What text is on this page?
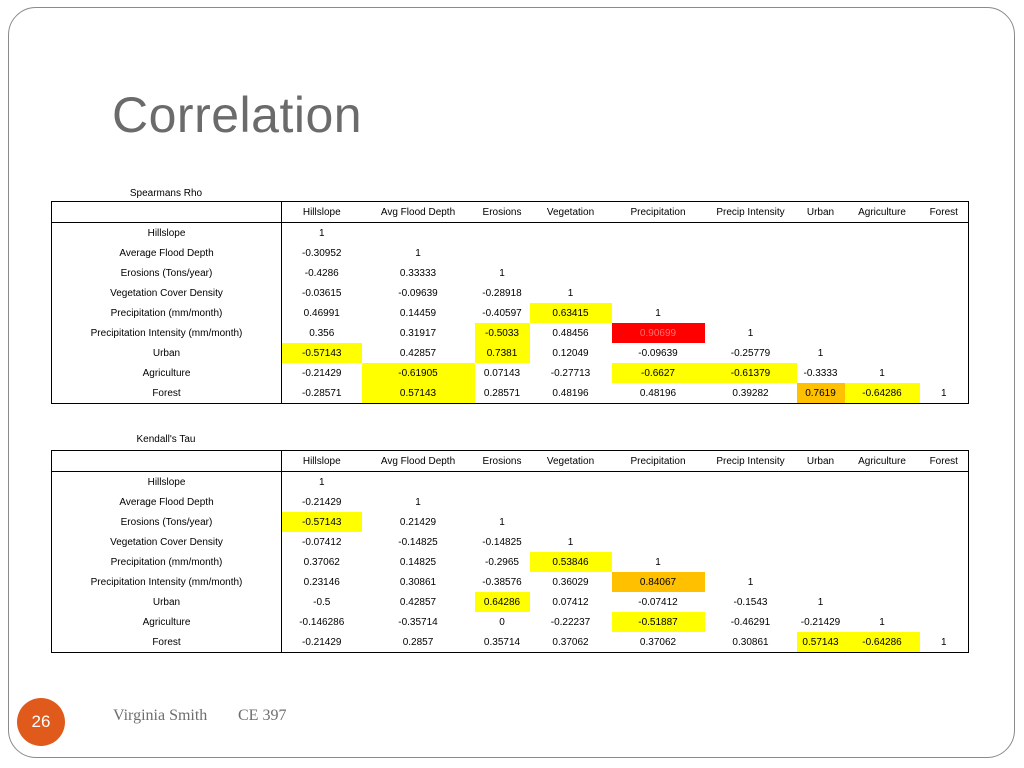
Correlation
Spearmans Rho
	Hillslope	Avg Flood Depth	Erosions	Vegetation	Precipitation	Precip Intensity	Urban	Agriculture	Forest
Hillslope	1								
Average Flood Depth	-0.30952	1							
Erosions (Tons/year)	-0.4286	0.33333	1						
Vegetation Cover Density	-0.03615	-0.09639	-0.28918	1					
Precipitation (mm/month)	0.46991	0.14459	-0.40597	0.63415	1				
Precipitation Intensity (mm/month)	0.356	0.31917	-0.5033	0.48456	0.90699	1			
Urban	-0.57143	0.42857	0.7381	0.12049	-0.09639	-0.25779	1		
Agriculture	-0.21429	-0.61905	0.07143	-0.27713	-0.6627	-0.61379	-0.3333	1	
Forest	-0.28571	0.57143	0.28571	0.48196	0.48196	0.39282	0.7619	-0.64286	1
Kendall's Tau
	Hillslope	Avg Flood Depth	Erosions	Vegetation	Precipitation	Precip Intensity	Urban	Agriculture	Forest
Hillslope	1								
Average Flood Depth	-0.21429	1							
Erosions (Tons/year)	-0.57143	0.21429	1						
Vegetation Cover Density	-0.07412	-0.14825	-0.14825	1					
Precipitation (mm/month)	0.37062	0.14825	-0.2965	0.53846	1				
Precipitation Intensity (mm/month)	0.23146	0.30861	-0.38576	0.36029	0.84067	1			
Urban	-0.5	0.42857	0.64286	0.07412	-0.07412	-0.1543	1		
Agriculture	-0.146286	-0.35714	0	-0.22237	-0.51887	-0.46291	-0.21429	1	
Forest	-0.21429	0.2857	0.35714	0.37062	0.37062	0.30861	0.57143	-0.64286	1
26	Virginia Smith CE 397
